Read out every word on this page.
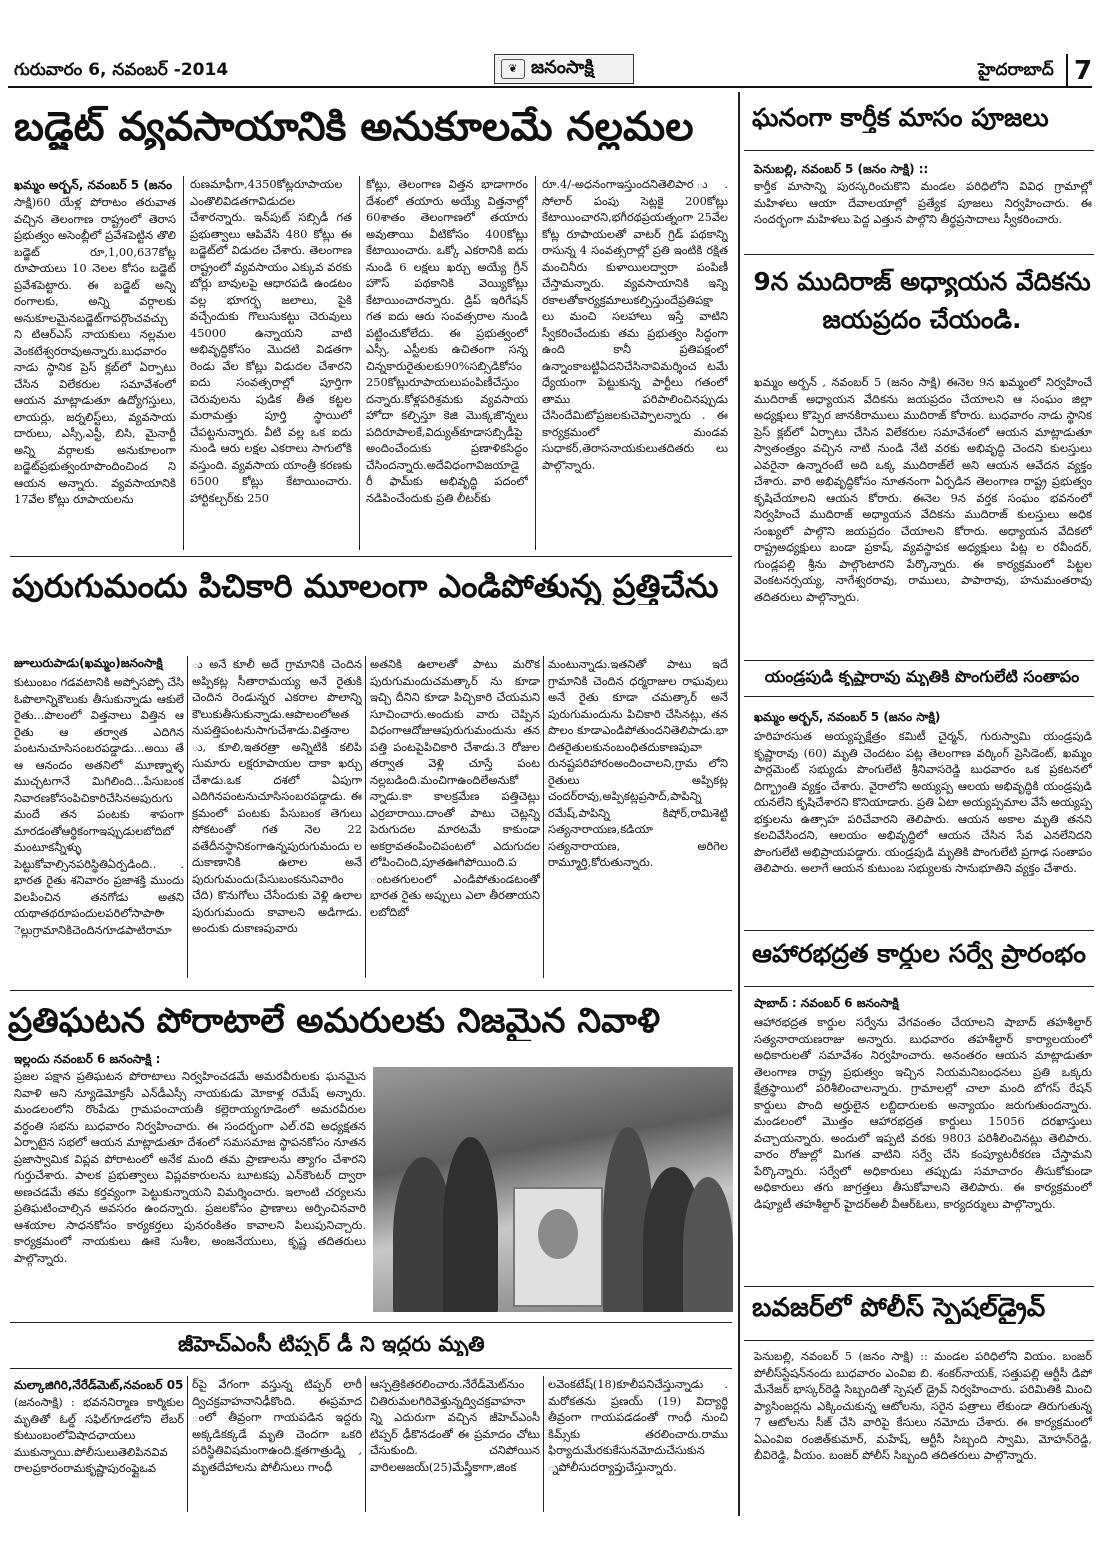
గురువారం 6, నవంబర్ -2014	❦ జనంసాక్షి	హైదరాబాద్ 7
బడ్జెట్ వ్యవసాయానికి అనుకూలమే నల్లమల
ఖమ్మం అర్బన్, నవంబర్ 5 (జనం
సాక్షి)60 యేళ్ల పోరాటం తరువాత వచ్చిన తెలంగాణ రాష్ట్రంలో తెరాస ప్రభుత్వం అసెంబ్లీలో ప్రవేశపెట్టిన తొలి బడ్జెట్ రూ,1,00,637కోట్ల రూపాయలు 10 నెలల కోసం బడ్జెట్ ప్రవేశపెట్టారు. ఈ బడ్జెట్ అన్ని రంగాలకు, అన్ని వర్గాలకు అనుకూలమైనబడ్జెట్‌గాపర్గొంచవచ్చు ని టిఆర్ఎస్ నాయకులు నల్లమల వెంకటేశ్వరరావుఅన్నారు.బుధవారం నాడు స్థానిక ప్రెస్ క్లబ్‌లో ఏర్పాటు చేసిన విలేకరుల సమావేశంలో ఆయన మాట్లాడుతూ ఉద్యోగస్తులు, లాయర్లు, జర్నలిస్ట్‌లు, వ్యవసాయ దారులు, ఎస్సీ,ఎస్టీ, బిసి, మైనార్టీ అన్ని వర్గాలకు అనుకూలంగా బడ్జెట్‌ప్రభుత్వంరూపొందించింద ని ఆయన అన్నారు. వ్యవసాయానికి 17వేల కోట్లు రూపాయలను
రుణమాఫీగా,4350కోట్లరూపాయల ఎంతొలివిడతగావిడుదల చేశారన్నారు. ఇన్‌పుట్ సబ్సిడీ గత ప్రభుత్వాలు ఆపివేసి 480 కోట్లు ఈ బడ్జెట్‌లో విడుదల చేశారు. తెలంగాణ రాష్ట్రంలో వ్యవసాయం ఎక్కువ వరకు బోర్లు బావులపై ఆధారపడి ఉండటం వల్ల భూగర్భ జలాలు, పైకి వచ్చేందుకు గొలుసుకట్టు చెరువులు 45000 ఉన్నాయని వాటి అభివృద్ధికోసం మొదటి విడతగా రెండు వేల కోట్లు విడుదల చేశారని ఐదు సంవత్సరాల్లో పూర్తిగా చెరువులను పుడిక తీత కట్టల మరామత్తు పూర్తి స్థాయిలో చేపట్టనున్నారు. వీటి వల్ల ఒక ఐదు నుండి ఆరు లక్షల ఎకరాలు సాగులోకి వస్తుంది. వ్యవసాయ యాంత్రీ కరణకు 6500 కోట్లు కేటాయించారు. హార్టికల్చర్‌కు 250
కోట్లు, తెలంగాణ విత్తన భాడాగారం దేశంలో తయారు అయ్యే విత్తనాల్లో 60శాతం తెలంగాణలో తయారు అవుతాయి వీటికోసం 400కోట్లు కేటాయించారు. ఒక్కో ఎకరానికి ఐదు నుండి 6 లక్షలు ఖర్చు అయ్యే గ్రీన్ హౌస్ పథకానికి వెయ్యికోట్లు కేటాయించారన్నారు. డ్రిప్ ఇరిగేషన్ గత ఐదు ఆరు సంవత్సరాల నుండి పట్టించుకోలేదు. ఈ ప్రభుత్వంలో ఎస్సీ, ఎస్టీలకు ఉచితంగా సన్న చిన్నకారురైతులకు90%సబ్సిడికోసం 250కోట్లురూపాయలుపంపిణీచేస్తుం దన్నారు.కోళ్లపరిశ్రమకు వ్యవసాయ హోదా కల్పిస్తూ కెజి మొక్కజొన్నలు పదిరూపాలకే,విద్యుత్‌కూడాసబ్సిడీపై అందించేందుకు ప్రణాళికసిద్ధం చేసిందన్నారు.అదేవిధంగావిజయాడై రీ ఫామ్‌కు అభివృద్ధి పదంలో నడిపించేందుకు ప్రతి లీటర్‌కు
రూ.4/-అధనంగాఇస్తుందనితెలిపార ు. సోలార్ పంపు సెట్లకై 200కోట్లు కేటాయించారని,భగీరథప్రయత్నంగా 25వేల కోట్ల రూపాయలతో వాటర్ గ్రిడ్ పథకాన్ని రాసున్న 4 సంవత్సరాల్లో ప్రతి ఇంటికి రక్షిత మంచినీరు కుళాయిలద్వారా పంపిణీ చేస్తామన్నారు. వ్యవసాయానికి ఇన్ని రకాలతోకార్యక్రమాలుకల్పిస్తుందేప్రతిపక్షా లు మంచి సలహాలు ఇస్తే వాటిని స్వీకరించేందుకు తమ ప్రభుత్వం సిద్ధంగా ఉంది కానీ ప్రతిపక్షంలో ఉన్నాంకాబట్టిఏదనిచేసినావిమర్శించ టమే ధ్యేయంగా పెట్టుకున్న పార్టీలు గతంలో తాము పరిపాలించినప్పుడు చేసిందేమిటోప్రజలకుచెప్పాలన్నారు . ఈ కార్యక్రమంలో మండవ సుధాకర్,తెరాసనాయకులుతదితరు లు పాల్గొన్నారు.
పురుగుమందు పిచికారి మూలంగా ఎండిపోతున్న ప్రత్తిచేను
జూలురుపాడు(ఖమ్మం)జనంసాక్షి
కుటుంబం గడవటానికి అప్పోసప్పో చేసి ఓపొలాన్నికౌలుకు తీసుకున్నాడు ఆకులే రైతు...పొలంలో విత్తనాలు విత్తిన ఆ రైతు ఆ తర్వాత ఎదిగిన పంటనుచూసిసంబరపడ్డాడు...అయి తే ఆ ఆనందం అతనిలో మూణ్నాళ్ళ ముచ్చటగానే మిగిలింది...పేసుబంక నివారణకోసంపిచికారిచేసినఅపురుగు మందే తన పంటకు శాపంగా మారడంతోఆర్థికంగాఇప్పుడులబోదిబో మంటూకన్నీళ్ళు పెట్టుకోవాల్సినపరిస్థితిఏర్పడింది.. . భారత రైతు శనివారం ప్రజాశక్తి ముందు విలపించిన తనగోడు అతని యథాతథరూపందులపరిలోసాపాఠిా ెల్లుగ్రామానికిచెందినగూడపాటిరామా
ు అనే కూలీ అదే గ్రామానికి చెందిన అప్పికట్ల సీతారామయ్య అనే రైతుకి చెందిన రెండున్నర ఎకరాల పొలాన్ని కౌలుకుతీసుకున్నాడు.ఆపొలంలోఅత నుపత్తిపంటనుసాగుచేశాడు.విత్తనాల ు, కూలి,ఇతరత్రా అన్నిటికి కలిపి సుమారు లక్షరూపాయల దాకా ఖర్చు చేశాడు.ఒక దశలో ఏపుగా ఎదిగినపంటనుచూసిసంబరపడ్డాడు. ఈ క్రమంలో పంటకు పేసుబంక తెగులు సోకటంతో గత నెల 22 వతేదీనస్థానికంగాఉన్నపురుగుమందు ల దుకాణానికి ఉలాల అనే పురుగుమందు(పేసుబంకనునివారిం చేది) కొనుగోలు చేసేందుకు వెళ్లి ఉలాల పురుగుమందు కావాలని అడిగాడు. అందుకు దుకాణపువారు
అతనికి ఉలాలతో పాటు మరొక పురుగుమందుచమత్కార్ ను కూడా ఇచ్చి దీనిని కూడా పిచ్చికారి చేయమని సూచించారు.అందుకు వారు చెప్పిన విధంగాఆదోజుఆపురుగుమందును తన పత్తి పంటపైపిచికారి చేశాడు.3 రోజుల తర్వాత వెళ్లి చూస్తే పంట నల్లబడింది.మంచిగాఉందిలేఅనుకో న్నాడు.కా కాలక్రమేణ పత్తిచెట్లు ఎర్రబారాయి.దాంతో పాటు చెట్లన్ని పెరుగుదల మారటమే కాకుండా అకర్రావతంపించిపంటలో ఎదుగుదల లోపించింది,పూతఊగిపోయింది.ప ంటతగులంలో ఎండిపోతుండటంతో భారత రైతు అప్పులు ఎలా తీరతాయని లబోదిబో
మంటున్నాడు.ఇతనితో పాటు ఇదే గ్రామానికి చెందిన ధర్మరాజుల రాఘవులు అనే రైతు కూడా చమత్కార్ అనే పురుగుమందును పిచికారి చేసినట్లు, తన పొలం కూడాఎండిపోతుందనితెలిపాడు.భా దితరైతులకునంబంధితదుకాణపువా రునష్టపరిహారంఅందించాలని,గ్రామ లోని రైతులు అప్పికట్ల చందర్‌రావు,అప్పికట్లప్రసాద్,పాపిన్ని రమేష్,పాపిన్ని కిషోర్,రామిశెట్టి సత్యనారాయణ,కడియా సత్యనారాయణ, అరిగెల రామ్మూర్తి,కోరుతున్నారు.
ప్రతిఘటన పోరాటాలే అమరులకు నిజమైన నివాళి
ఇల్లందు నవంబర్ 6 జనంసాక్షి :
ప్రజల పక్షాన ప్రతిఘటన పోరాటాలు నిర్వహించడమే అమరవీరులకు ఘనమైన నివాళి అని న్యూడెమోక్రసీ ఎన్‌డీఎస్సీ నాయకుడు మోకాళ్ల రమేష్ అన్నారు. మండలంలోని రొంపేడు గ్రామపంచాయతీ కల్లెరాయ్యగూడెంలో అమరవీరుల వర్ధంతి సభను బుధవారం నిర్వహించారు. ఈ సందర్భంగా ఎల్.రవి అధ్యక్షతన ఏర్పాటైన సభలో ఆయన మాట్లాడుతూ దేశంలో సమసమాజ స్థాపనకోసం నూతన ప్రజాస్వామిక విప్లవ పోరాటంలో అనేక మంది తమ ప్రాణాలను త్యాగం చేశారని గుర్తుచేశారు. పాలక ప్రభుత్వాలు విప్లవకారులను బూటకపు ఎన్‌కౌంటర్ ద్వారా అణచడమే తమ కర్తవ్యంగా పెట్టుకున్నాయని విమర్శించారు. ఇలాంటి చర్యలను ప్రతిఘటించాల్సిన అవసరం ఉందన్నారు. ప్రజలకోసం ప్రాణాలు అర్పించినవారి ఆశయాల సాధనకోసం కార్యకర్తలు పునరంకితం కావాలని పిలుపునిచ్చారు. కార్యక్రమంలో నాయకులు ఊకె సుశీల, అంజనేయులు, కృష్ణ తదితరులు పాల్గొన్నారు.
జీహెచ్ఎంసీ టిప్పర్ డీ ని ఇద్దరు మృతి
మల్కాజిగిరి,నేరేడ్‌మెట్,నవంబర్ 05
(జనంసాక్షి) : భవననిర్మాణ కార్మికుల మృతితో ఓల్డ్ సఫిల్‌గూడలోని లేబర్ కుటుంబంలోవిషాదఛాయలు ముకున్నాయి.పోలీసులుతెలిపినవివ రాలప్రకారంరామకృష్ణాపురంఫ్లైఒవ
ర్‌పై వేగంగా వస్తున్న టిప్పర్ లారీ ద్విచక్రవాహనానిఢీకొంది. ఈప్రమాద ంలో తీవ్రంగా గాయపడిన ఇద్దరు అక్కడికక్కడే మృతి చెందగా ఒకరి పరిస్థితివిషమంగాఉంది.క్షతగాత్రుడ్ని , మృతదేహాలను పోలీసులు గాంధీ
ఆస్పత్రికితరలించారు.నేరేడ్‌మెట్‌నుం చితిరుమలగిరివెళ్తున్నద్విచక్రవాహనా న్ని ఎదురుగా వచ్చిన జీహెచ్ఎంసీ టిప్పర్ ఢీకొనడంతో ఈ ప్రమాదం చోటు చేసుకుంది. చనిపోయిన వారిలఅజయ్(25)మేస్త్రీకాగా,జింక
లవెంకటేష్(18)కూలీపనిచేస్తున్నాడు . మరోకతను ప్రణయ్ (19) విద్యార్థి తీవ్రంగా గాయపడడంతో గాంధీ నుంచి కిమ్స్‌కు తరలించారు.రాము ఫిర్యాదుమేరకుకేసునమోదుచేసుకున ్నపోలీసుదర్యాప్తుచేస్తున్నారు.
ఘనంగా కార్తీక మాసం పూజలు
పెనుబల్లి, నవంబర్ 5 (జనం సాక్షి) ::
కార్తీక మాసాన్ని పురస్కరించుకొని మండల పరిధిలోని వివిధ గ్రామాల్లో మహిళలు ఆయా దేవాలయాల్లో ప్రత్యేక పూజలు నిర్వహించారు. ఈ సందర్భంగా మహిళలు పెద్ద ఎత్తున పాల్గొని తీర్థప్రసాదాలు స్వీకరించారు.
9న ముదిరాజ్ అధ్యాయన వేదికను
జయప్రదం చేయండి.
ఖమ్మం అర్బన్ , నవంబర్ 5 (జనం సాక్షి) ఈనెల 9న ఖమ్మంలో నిర్వహించే ముదిరాజ్ అధ్యాయన వేదికను జయప్రదం చేయాలని ఆ సంఘం జిల్లా అధ్యక్షులు కొప్పెర జానకిరాములు ముదిరాజ్ కోరారు. బుధవారం నాడు స్థానిక ప్రెస్ క్లబ్‌లో ఏర్పాటు చేసిన విలేకరుల సమావేశంలో ఆయన మాట్లాడుతూ స్వాతంత్ర్యం వచ్చిన నాటి నుండి నేటి వరకు అభివృద్ధి చెందని కులస్తులు ఎవరైనా ఉన్నారంటే అది ఒక్క ముదిరాజ్‌లే అని ఆయన ఆవేదన వ్యక్తం చేశారు. వారి అభివృద్ధికోసం నూతనంగా ఏర్పడిన తెలంగాణ రాష్ట్ర ప్రభుత్వం కృషిచేయాలని ఆయన కోరారు. ఈనెల 9న వర్తక సంఘం భవనంలో నిర్వహించే ముదిరాజ్ అధ్యాయన వేదికను ముదిరాజ్ కులస్తులు అధిక సంఖ్యలో పాల్గొని జయప్రదం చేయాలని కోరారు. అధ్యాయన వేదికలో రాష్ట్రఅధ్యక్షులు బండా ప్రకాష్, వ్యవస్థాపక అధ్యక్షులు పిట్ల ల రవీందర్, గుండ్లపల్లి శ్రీను పాల్గొంటారని పేర్కొన్నారు. ఈ కార్యక్రమంలో పిట్టల వెంకటనర్సయ్య, నాగేశ్వరరావు, రాములు, పాపారావు, హనుమంతరావు తదితరులు పాల్గొన్నారు.
యండ్రపుడి కృష్ణారావు మృతికి పొంగులేటి సంతాపం
ఖమ్మం అర్బన్, నవంబర్ 5 (జనం సాక్షి)
హరిహరసుత అయ్యప్పక్షేత్రం కమిటీ చైర్మన్, గురుస్వామి యండ్రపుడి కృష్ణారావు (60) మృతి చెందటం పట్ల తెలంగాణ వర్కింగ్ ప్రెసిడెంట్, ఖమ్మం పార్లమెంట్ సభ్యుడు పొంగులేటి శ్రీనివాసరెడ్డి బుధవారం ఒక ప్రకటనలో దిగ్భ్రాంతి వ్యక్తం చేశారు. వైరాలోని అయ్యప్ప ఆలయ అభివృద్ధికి యండ్రపుడి యనలేని కృషిచేశారని కొనియాడారు. ప్రతి ఏటా అయ్యప్పమాల వేసే అయ్యప్ప భక్తులను ఉత్సాహ పరిచేవారని తెలిపారు. ఆయన అకాల మృతి తనని కలచివేసిందని, ఆలయం అభివృద్ధిలో ఆయన చేసిన సేవ ఎనలేనిదని పొంగులేటి అభిప్రాయపడ్డారు. యండ్రపుడి మృతికి పొంగులేటి ప్రగాఢ సంతాపం తెలిపారు. అలాగే ఆయన కుటుంబ సభ్యులకు సానుభూతిని వ్యక్తం చేశారు.
ఆహారభద్రత కార్డుల సర్వే ప్రారంభం
షాబాద్ : నవంబర్ 6 జనంసాక్షి
ఆహారభద్రత కార్డుల సర్వేను వేగవంతం చేయాలని షాబాద్ తహశీల్దార్ సత్యనారాయణరాజు అన్నారు. బుధవారం తహశీల్దార్ కార్యాలయంలో అధికారులతో సమావేశం నిర్వహించారు. అనంతరం ఆయన మాట్లాడుతూ తెలంగాణ రాష్ట్ర ప్రభుత్వం ఇచ్చిన నియమనిబంధనలు ప్రతి ఒక్కరు క్షేత్రస్థాయిలో పరిశీలించాలన్నారు. గ్రామాలల్లో చాలా మంది బోగస్ రేషన్ కార్డులు పొంది అర్హులైన లబ్దిదారులకు అన్యాయం జరుగుతుందన్నారు. మండలంలో మొత్తం ఆహారభద్రత కార్డులు 15056 దరఖాస్తులు వచ్చాయన్నారు. అందులో ఇప్పటి వరకు 9803 పరిశీలించినట్లు తెలిపారు. వారం రోజుల్లో మిగత వాటిని సర్వే చేసి కంప్యూటరీకరణ చేస్తామని పేర్కొన్నారు. సర్వేలో అధికారులు తప్పుడు సమాచారం తీసుకోకుండా అధికారులు తగు జాగ్రత్తలు తీసుకోవాలని తెలిపారు. ఈ కార్యక్రమంలో డిప్యూటీ తహశీల్దార్ హైదర్‌అలీ వీఆర్‌ఓలు, కార్యదర్శులు పాల్గొన్నారు.
బవజర్‌లో పోలీస్ స్పెషల్‌డ్రైవ్
పెనుబల్లి, నవంబర్ 5 (జనం సాక్షి) :: మండల పరిధిలోని వియం. బంజర్ పోలీస్‌స్టేషన్‌నందు బుధవారం ఎంవిఐ బి. శంకర్‌నాయక్, సత్తుపల్లి ఆర్టీసీ డిపో మేనేజర్ భాస్కర్‌రెడ్డి సిబ్బందితో స్పెషల్ డ్రైవ్ నిర్వహించారు. పరిమితికి మించి ప్యాసింజర్లను ఎక్కించుకున్న ఆటోలను, సరైన పత్రాలు లేకుండా తిరుగుతున్న 7 ఆటోలను సీజ్ చేసి వారిపై కేసులు నమోదు చేశారు. ఈ కార్యక్రమంలో ఏఎంవిఐ రంజిత్‌కుమార్, మహేష్, ఆర్టీసీ సిబ్బంది స్వామి, మోహన్‌రెడ్డి, బీవిరెడ్డి, వీయం. బంజర్ పోలీస్ సిబ్బంది తదితరులు పాల్గొన్నారు.
